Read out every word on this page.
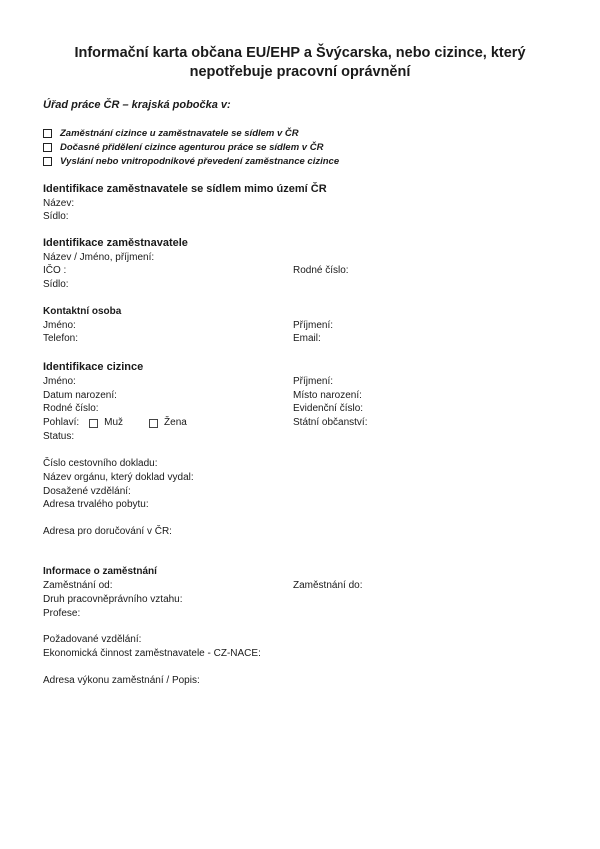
Informační karta občana EU/EHP a Švýcarska, nebo cizince, který
nepotřebuje pracovní oprávnění
Úřad práce ČR – krajská pobočka v:
Zaměstnání cizince u zaměstnavatele se sídlem v ČR
Dočasné přidělení cizince agenturou práce se sídlem v ČR
Vyslání nebo vnitropodnikové převedení zaměstnance cizince
Identifikace zaměstnavatele se sídlem mimo území ČR
Název:
Sídlo:
Identifikace zaměstnavatele
Název / Jméno, příjmení:
IČO :	Rodné číslo:
Sídlo:
Kontaktní osoba
Jméno:	Příjmení:
Telefon:	Email:
Identifikace cizince
Jméno:	Příjmení:
Datum narození:	Místo narození:
Rodné číslo:	Evidenční číslo:
Pohlaví:	Muž	Žena	Státní občanství:
Status:
Číslo cestovního dokladu:
Název orgánu, který doklad vydal:
Dosažené vzdělání:
Adresa trvalého pobytu:
Adresa pro doručování v ČR:
Informace o zaměstnání
Zaměstnání od:	Zaměstnání do:
Druh pracovněprávního vztahu:
Profese:
Požadované vzdělání:
Ekonomická činnost zaměstnavatele - CZ-NACE:
Adresa výkonu zaměstnání / Popis:
